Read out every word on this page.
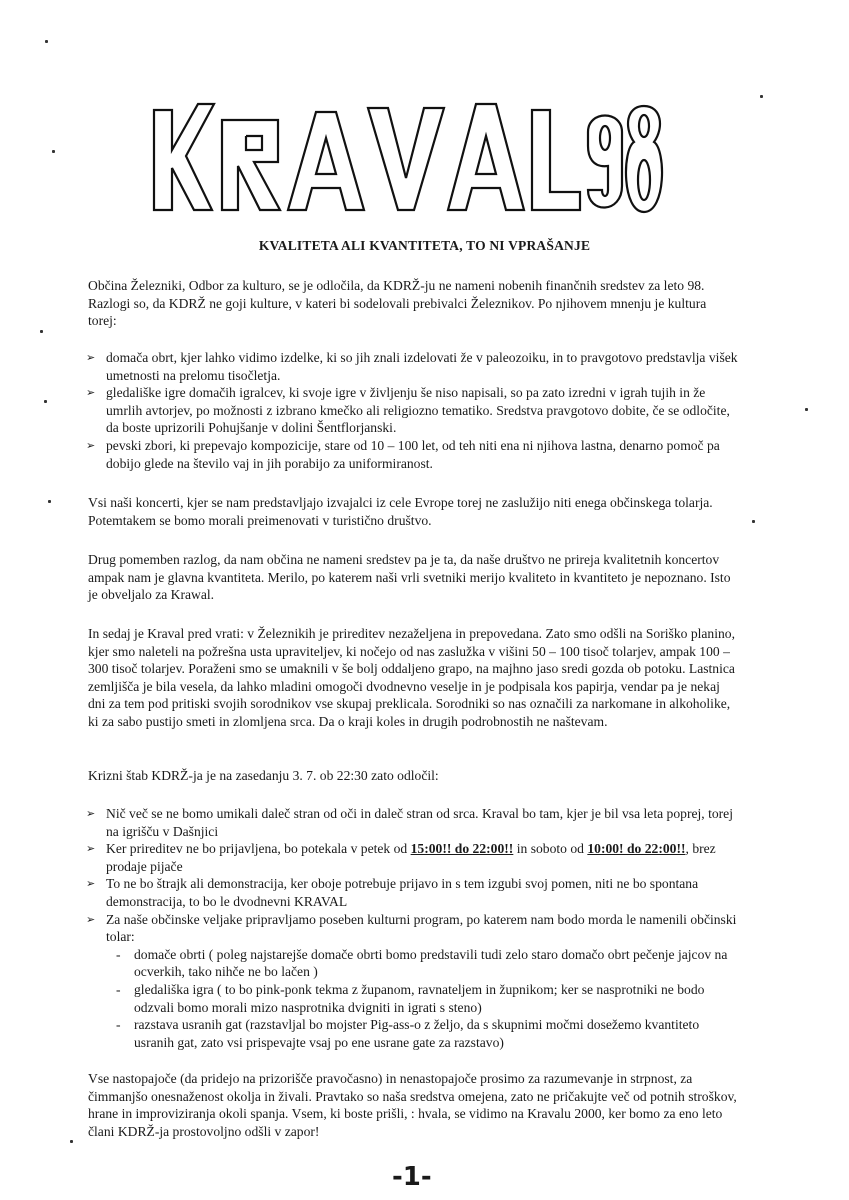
KVALITETA ALI KVANTITETA, TO NI VPRAŠANJE

Občina Železniki, Odbor za kulturo, se je odločila, da KDRŽ-ju ne nameni nobenih finančnih sredstev za leto 98. Razlogi so, da KDRŽ ne goji kulture, v kateri bi sodelovali prebivalci Železnikov. Po njihovem mnenju je kultura torej:

➢ domača obrt, kjer lahko vidimo izdelke, ki so jih znali izdelovati že v paleozoiku, in to pravgotovo predstavlja višek umetnosti na prelomu tisočletja.
➢ gledališke igre domačih igralcev, ki svoje igre v življenju še niso napisali, so pa zato izredni v igrah tujih in že umrlih avtorjev, po možnosti z izbrano kmečko ali religiozno tematiko. Sredstva pravgotovo dobite, če se odločite, da boste uprizorili Pohujšanje v dolini Šentflorjanski.
➢ pevski zbori, ki prepevajo kompozicije, stare od 10 – 100 let, od teh niti ena ni njihova lastna, denarno pomoč pa dobijo glede na število vaj in jih porabijo za uniformiranost.

Vsi naši koncerti, kjer se nam predstavljajo izvajalci iz cele Evrope torej ne zaslužijo niti enega občinskega tolarja. Potemtakem se bomo morali preimenovati v turistično društvo.

Drug pomemben razlog, da nam občina ne nameni sredstev pa je ta, da naše društvo ne prireja kvalitetnih koncertov ampak nam je glavna kvantiteta. Merilo, po katerem naši vrli svetniki merijo kvaliteto in kvantiteto je nepoznano. Isto je obveljalo za Krawal.

In sedaj je Kraval pred vrati: v Železnikih je prireditev nezaželjena in prepovedana. Zato smo odšli na Soriško planino, kjer smo naleteli na požrešna usta upraviteljev, ki nočejo od nas zaslužka v višini 50 – 100 tisoč tolarjev, ampak 100 – 300 tisoč tolarjev. Poraženi smo se umaknili v še bolj oddaljeno grapo, na majhno jaso sredi gozda ob potoku. Lastnica zemljišča je bila vesela, da lahko mladini omogoči dvodnevno veselje in je podpisala kos papirja, vendar pa je nekaj dni za tem pod pritiski svojih sorodnikov vse skupaj preklicala. Sorodniki so nas označili za narkomane in alkoholike, ki za sabo pustijo smeti in zlomljena srca. Da o kraji koles in drugih podrobnostih ne naštevam.

Krizni štab KDRŽ-ja je na zasedanju 3. 7. ob 22:30 zato odločil:

➢ Nič več se ne bomo umikali daleč stran od oči in daleč stran od srca. Kraval bo tam, kjer je bil vsa leta poprej, torej na igrišču v Dašnjici
➢ Ker prireditev ne bo prijavljena, bo potekala v petek od 15:00!! do 22:00!! in soboto od 10:00! do 22:00!!, brez prodaje pijače
➢ To ne bo štrajk ali demonstracija, ker oboje potrebuje prijavo in s tem izgubi svoj pomen, niti ne bo spontana demonstracija, to bo le dvodnevni KRAVAL
➢ Za naše občinske veljake pripravljamo poseben kulturni program, po katerem nam bodo morda le namenili občinski tolar:
- domače obrti ( poleg najstarejše domače obrti bomo predstavili tudi zelo staro domačo obrt pečenje jajcov na ocverkih, tako nihče ne bo lačen )
- gledališka igra ( to bo pink-ponk tekma z županom, ravnateljem in župnikom; ker se nasprotniki ne bodo odzvali bomo morali mizo nasprotnika dvigniti in igrati s steno)
- razstava usranih gat (razstavljal bo mojster Pig-ass-o z željo, da s skupnimi močmi dosežemo kvantiteto usranih gat, zato vsi prispevajte vsaj po ene usrane gate za razstavo)

Vse nastopajoče (da pridejo na prizorišče pravočasno) in nenastopajoče prosimo za razumevanje in strpnost, za čimmanjšo onesnaženost okolja in živali. Pravtako so naša sredstva omejena, zato ne pričakujte več od potnih stroškov, hrane in improviziranja okoli spanja. Vsem, ki boste prišli, : hvala, se vidimo na Kravalu 2000, ker bomo za eno leto člani KDRŽ-ja prostovoljno odšli v zapor!

-1-
